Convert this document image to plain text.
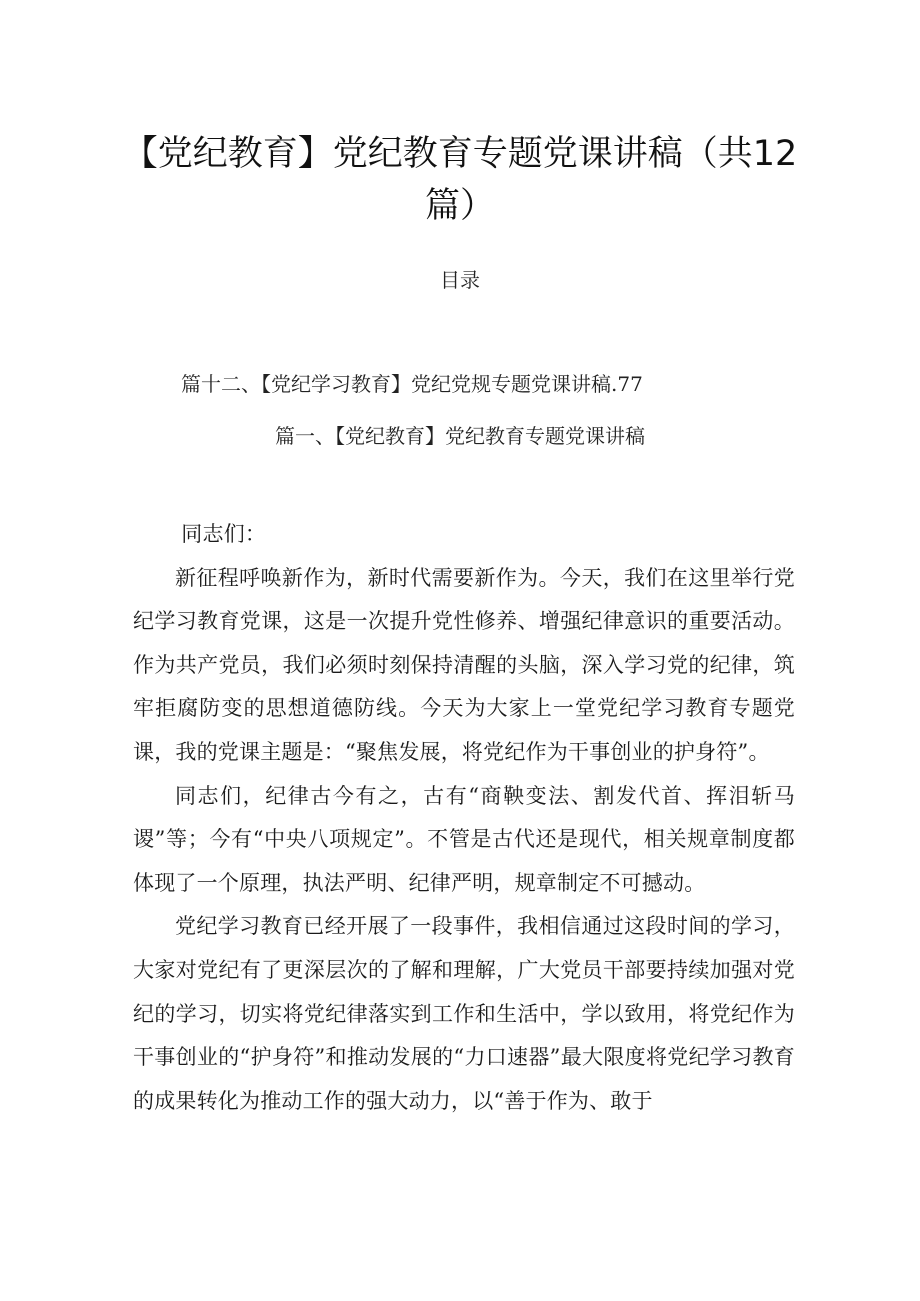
【党纪教育】党纪教育专题党课讲稿（共12
篇）

目录

篇十二、【党纪学习教育】党纪党规专题党课讲稿.77

篇一、【党纪教育】党纪教育专题党课讲稿

同志们：

新征程呼唤新作为，新时代需要新作为。今天，我们在这里举行党纪学习教育党课，这是一次提升党性修养、增强纪律意识的重要活动。作为共产党员，我们必须时刻保持清醒的头脑，深入学习党的纪律，筑牢拒腐防变的思想道德防线。今天为大家上一堂党纪学习教育专题党课，我的党课主题是：“聚焦发展，将党纪作为干事创业的护身符”。

同志们，纪律古今有之，古有“商鞅变法、割发代首、挥泪斩马谡”等；今有“中央八项规定”。不管是古代还是现代，相关规章制度都体现了一个原理，执法严明、纪律严明，规章制定不可撼动。

党纪学习教育已经开展了一段事件，我相信通过这段时间的学习，大家对党纪有了更深层次的了解和理解，广大党员干部要持续加强对党纪的学习，切实将党纪律落实到工作和生活中，学以致用，将党纪作为干事创业的“护身符”和推动发展的“力口速器”最大限度将党纪学习教育的成果转化为推动工作的强大动力，以“善于作为、敢于
